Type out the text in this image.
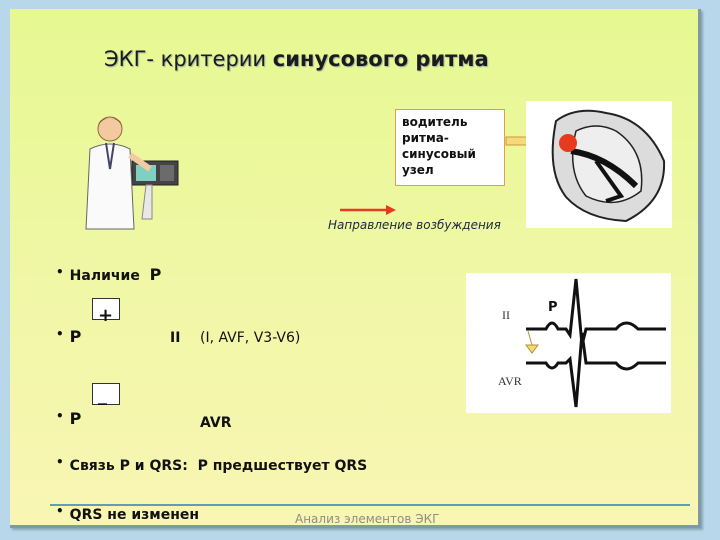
ЭКГ- критерии синусового ритма
водитель ритма- синусовый узел
Направление возбуждения
II	P
AVR
• Наличие P
+
• P	II (I, AVF, V3-V6)
_
• P	AVR
• Связь P и QRS: P предшествует QRS
• QRS не изменен	Анализ элементов ЭКГ
